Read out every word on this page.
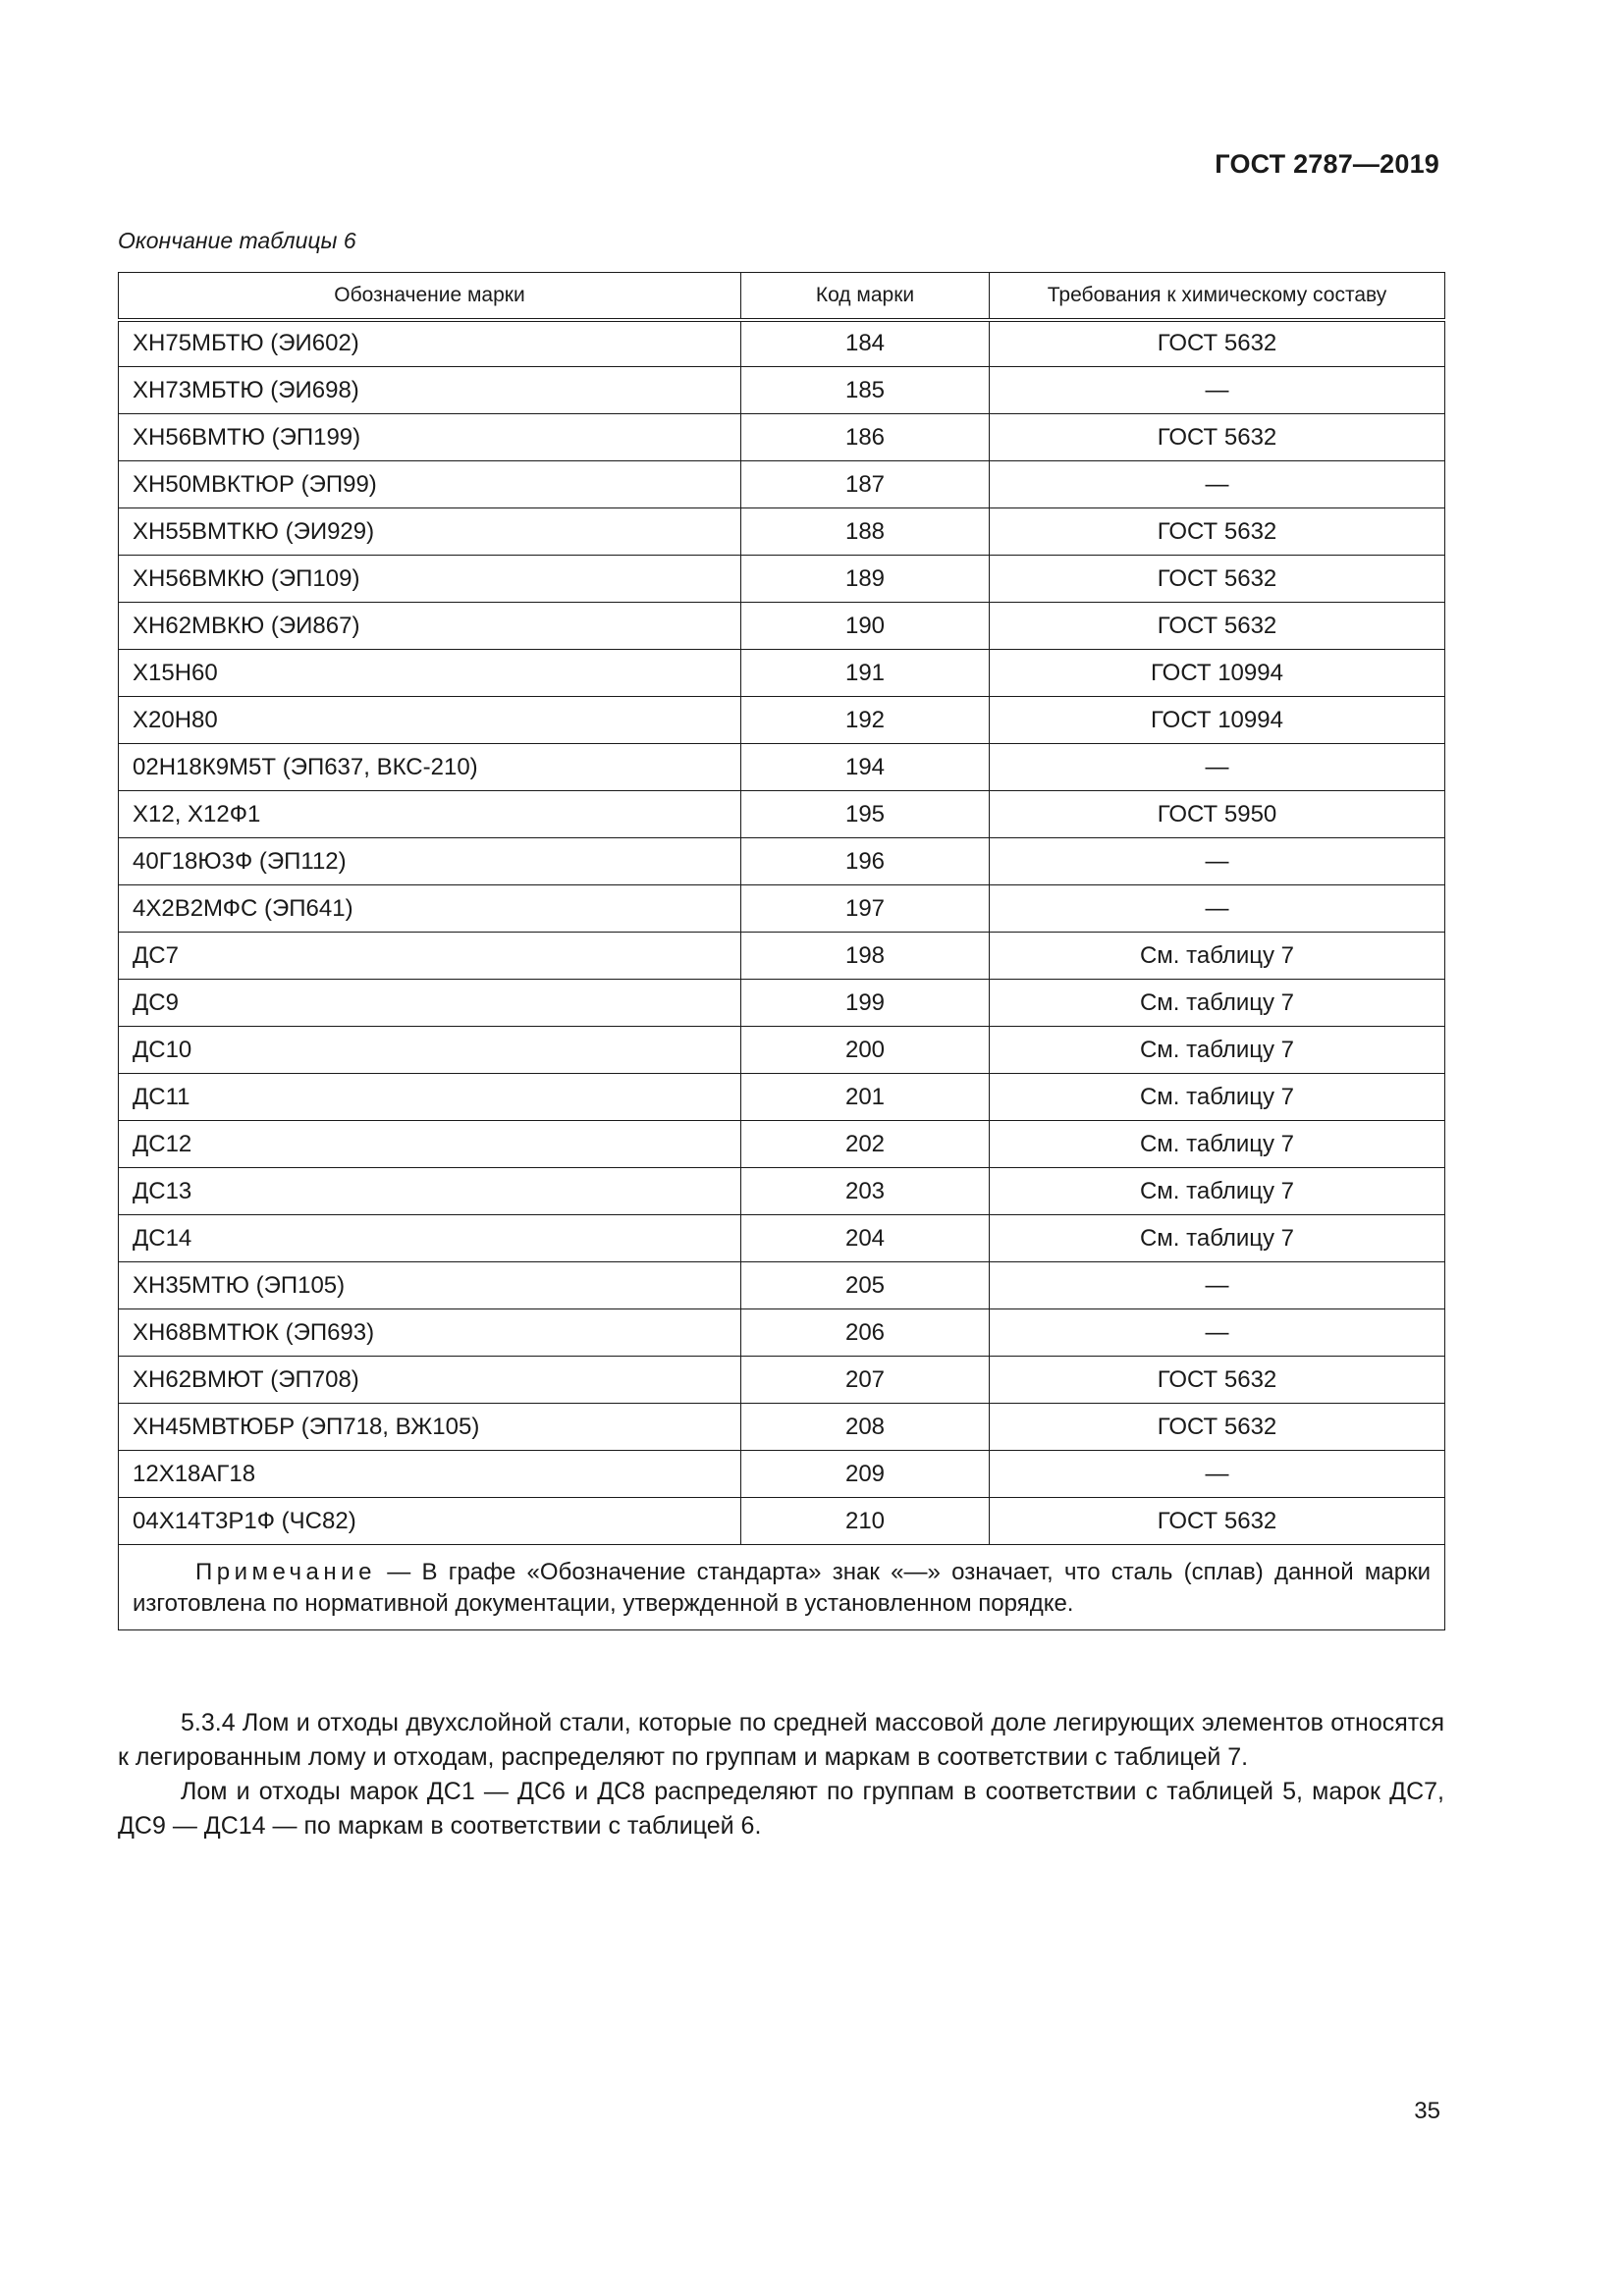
ГОСТ 2787—2019
Окончание таблицы 6
Обозначение марки	Код марки	Требования к химическому составу
ХН75МБТЮ (ЭИ602)	184	ГОСТ 5632
ХН73МБТЮ (ЭИ698)	185	—
ХН56ВМТЮ (ЭП199)	186	ГОСТ 5632
ХН50МВКТЮР (ЭП99)	187	—
ХН55ВМТКЮ (ЭИ929)	188	ГОСТ 5632
ХН56ВМКЮ (ЭП109)	189	ГОСТ 5632
ХН62МВКЮ (ЭИ867)	190	ГОСТ 5632
Х15Н60	191	ГОСТ 10994
Х20Н80	192	ГОСТ 10994
02Н18К9М5Т (ЭП637, ВКС-210)	194	—
Х12, Х12Ф1	195	ГОСТ 5950
40Г18Ю3Ф (ЭП112)	196	—
4Х2В2МФС (ЭП641)	197	—
ДС7	198	См. таблицу 7
ДС9	199	См. таблицу 7
ДС10	200	См. таблицу 7
ДС11	201	См. таблицу 7
ДС12	202	См. таблицу 7
ДС13	203	См. таблицу 7
ДС14	204	См. таблицу 7
ХН35МТЮ (ЭП105)	205	—
ХН68ВМТЮК (ЭП693)	206	—
ХН62ВМЮТ (ЭП708)	207	ГОСТ 5632
ХН45МВТЮБР (ЭП718, ВЖ105)	208	ГОСТ 5632
12Х18АГ18	209	—
04Х14Т3Р1Ф (ЧС82)	210	ГОСТ 5632
Примечание — В графе «Обозначение стандарта» знак «—» означает, что сталь (сплав) данной марки изготовлена по нормативной документации, утвержденной в установленном порядке.		

5.3.4 Лом и отходы двухслойной стали, которые по средней массовой доле легирующих элементов относятся к легированным лому и отходам, распределяют по группам и маркам в соответствии с таблицей 7.

Лом и отходы марок ДС1 — ДС6 и ДС8 распределяют по группам в соответствии с таблицей 5, марок ДС7, ДС9 — ДС14 — по маркам в соответствии с таблицей 6.

35
